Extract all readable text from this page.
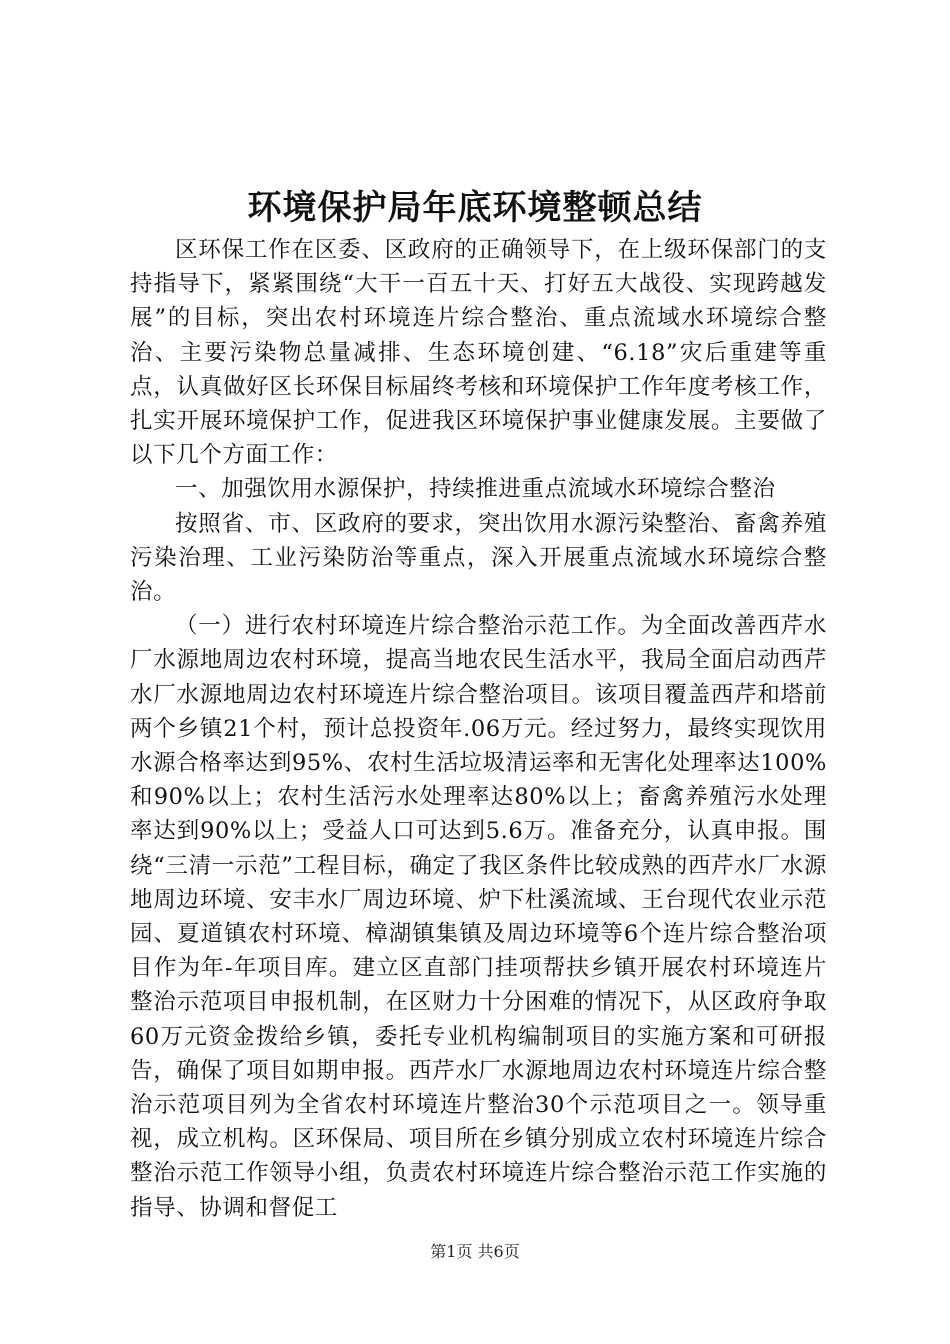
环境保护局年底环境整顿总结

区环保工作在区委、区政府的正确领导下，在上级环保部门的支持指导下，紧紧围绕“大干一百五十天、打好五大战役、实现跨越发展”的目标，突出农村环境连片综合整治、重点流域水环境综合整治、主要污染物总量减排、生态环境创建、“6.18”灾后重建等重点，认真做好区长环保目标届终考核和环境保护工作年度考核工作，扎实开展环境保护工作，促进我区环境保护事业健康发展。主要做了以下几个方面工作：

一、加强饮用水源保护，持续推进重点流域水环境综合整治

按照省、市、区政府的要求，突出饮用水源污染整治、畜禽养殖污染治理、工业污染防治等重点，深入开展重点流域水环境综合整治。

（一）进行农村环境连片综合整治示范工作。为全面改善西芹水厂水源地周边农村环境，提高当地农民生活水平，我局全面启动西芹水厂水源地周边农村环境连片综合整治项目。该项目覆盖西芹和塔前两个乡镇21个村，预计总投资年.06万元。经过努力，最终实现饮用水源合格率达到95%、农村生活垃圾清运率和无害化处理率达100%和90%以上；农村生活污水处理率达80%以上；畜禽养殖污水处理率达到90%以上；受益人口可达到5.6万。准备充分，认真申报。围绕“三清一示范”工程目标，确定了我区条件比较成熟的西芹水厂水源地周边环境、安丰水厂周边环境、炉下杜溪流域、王台现代农业示范园、夏道镇农村环境、樟湖镇集镇及周边环境等6个连片综合整治项目作为年-年项目库。建立区直部门挂项帮扶乡镇开展农村环境连片整治示范项目申报机制，在区财力十分困难的情况下，从区政府争取60万元资金拨给乡镇，委托专业机构编制项目的实施方案和可研报告，确保了项目如期申报。西芹水厂水源地周边农村环境连片综合整治示范项目列为全省农村环境连片整治30个示范项目之一。领导重视，成立机构。区环保局、项目所在乡镇分别成立农村环境连片综合整治示范工作领导小组，负责农村环境连片综合整治示范工作实施的指导、协调和督促工

第1页 共6页
